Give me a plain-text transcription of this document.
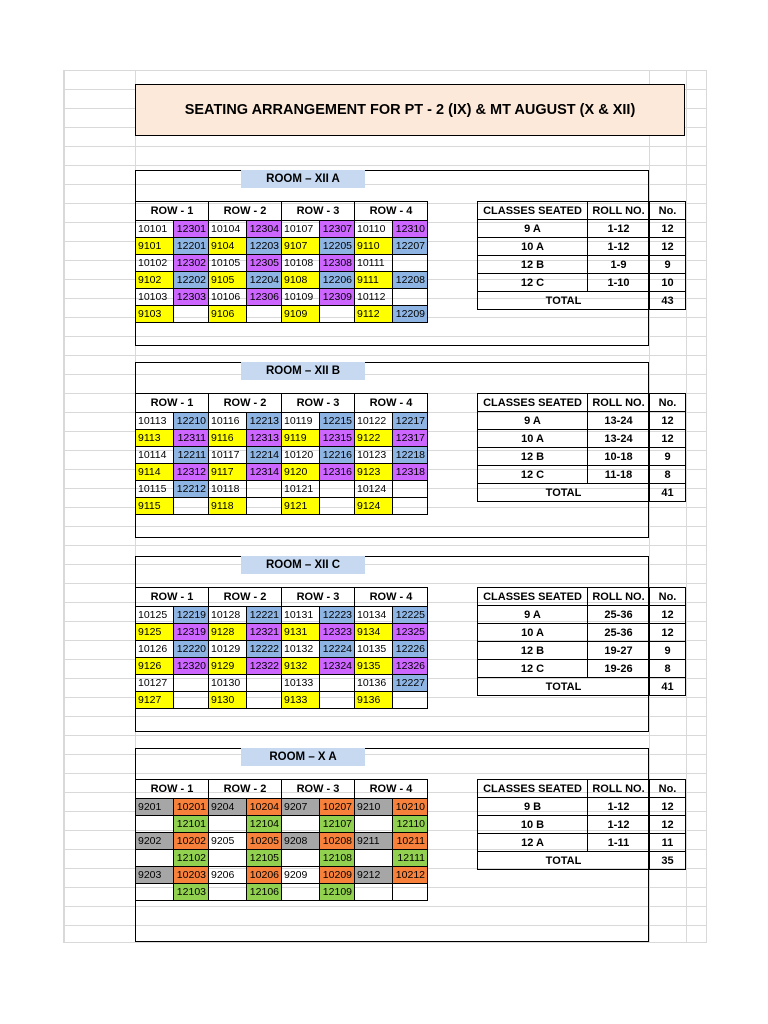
SEATING ARRANGEMENT FOR PT - 2 (IX) & MT AUGUST (X & XII)
ROOM – XII A
ROW - 1		ROW - 2		ROW - 3		ROW - 4	
10101	12301	10104	12304	10107	12307	10110	12310
9101	12201	9104	12203	9107	12205	9110	12207
10102	12302	10105	12305	10108	12308	10111	
9102	12202	9105	12204	9108	12206	9111	12208
10103	12303	10106	12306	10109	12309	10112	
9103		9106		9109		9112	12209
CLASSES SEATED	ROLL NO.	No.
9 A	1-12	12
10 A	1-12	12
12 B	1-9	9
12 C	1-10	10
TOTAL		43
ROOM – XII B
ROW - 1		ROW - 2		ROW - 3		ROW - 4	
10113	12210	10116	12213	10119	12215	10122	12217
9113	12311	9116	12313	9119	12315	9122	12317
10114	12211	10117	12214	10120	12216	10123	12218
9114	12312	9117	12314	9120	12316	9123	12318
10115	12212	10118		10121		10124	
9115		9118		9121		9124	
CLASSES SEATED	ROLL NO.	No.
9 A	13-24	12
10 A	13-24	12
12 B	10-18	9
12 C	11-18	8
TOTAL		41
ROOM – XII C
ROW - 1		ROW - 2		ROW - 3		ROW - 4	
10125	12219	10128	12221	10131	12223	10134	12225
9125	12319	9128	12321	9131	12323	9134	12325
10126	12220	10129	12222	10132	12224	10135	12226
9126	12320	9129	12322	9132	12324	9135	12326
10127		10130		10133		10136	12227
9127		9130		9133		9136	
CLASSES SEATED	ROLL NO.	No.
9 A	25-36	12
10 A	25-36	12
12 B	19-27	9
12 C	19-26	8
TOTAL		41
ROOM – X A
ROW - 1		ROW - 2		ROW - 3		ROW - 4	
9201	10201	9204	10204	9207	10207	9210	10210
	12101		12104		12107		12110
9202	10202	9205	10205	9208	10208	9211	10211
	12102		12105		12108		12111
9203	10203	9206	10206	9209	10209	9212	10212
	12103		12106		12109		
CLASSES SEATED	ROLL NO.	No.
9 B	1-12	12
10 B	1-12	12
12 A	1-11	11
TOTAL		35
